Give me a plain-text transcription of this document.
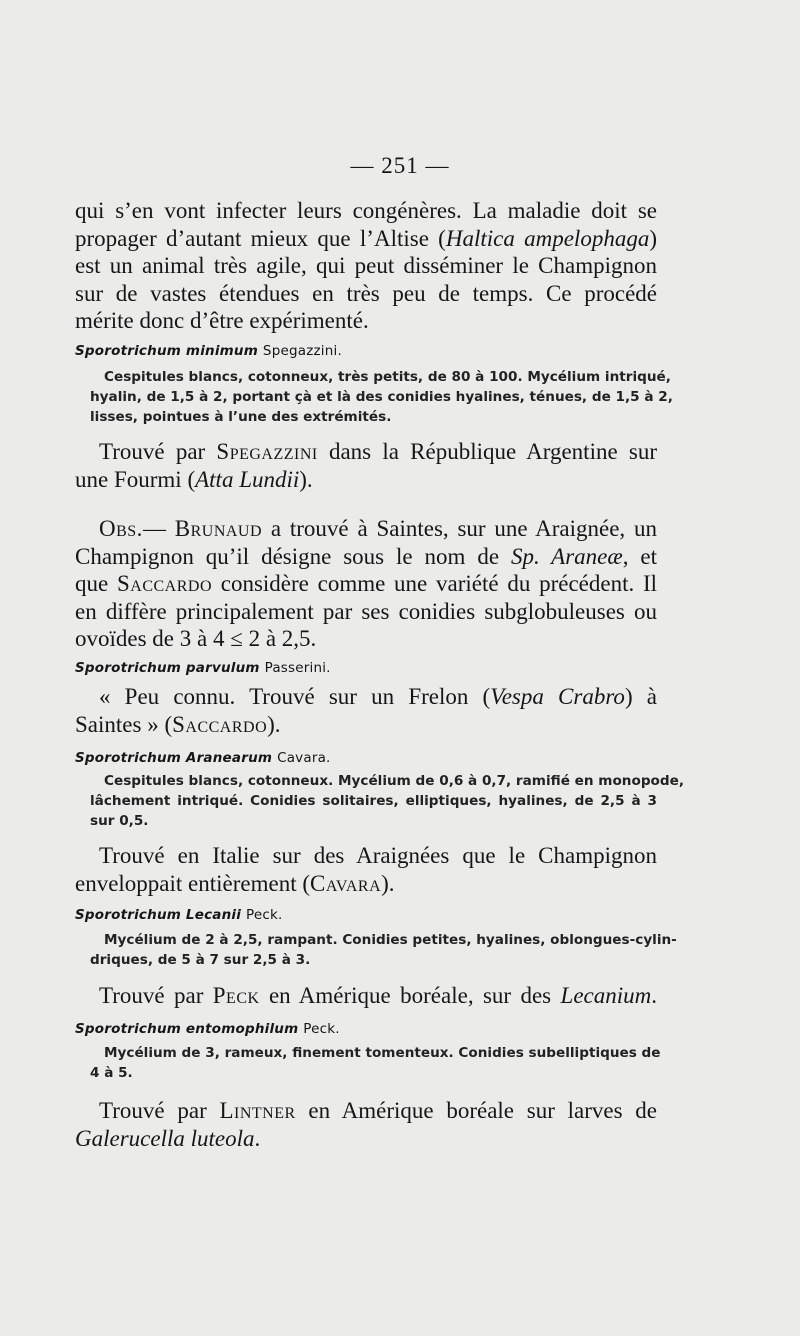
— 251 —
qui s’en vont infecter leurs congénères. La maladie doit se
propager d’autant mieux que l’Altise (Haltica ampelophaga)
est un animal très agile, qui peut disséminer le Champignon
sur de vastes étendues en très peu de temps. Ce procédé
mérite donc d’être expérimenté.
Sporotrichum minimum Spegazzini.
Cespitules blancs, cotonneux, très petits, de 80 à 100. Mycélium intriqué,
hyalin, de 1,5 à 2, portant çà et là des conidies hyalines, ténues, de 1,5 à 2,
lisses, pointues à l’une des extrémités.
Trouvé par Spegazzini dans la République Argentine sur
une Fourmi (Atta Lundii).
Obs.— Brunaud a trouvé à Saintes, sur une Araignée, un
Champignon qu’il désigne sous le nom de Sp. Araneæ, et
que Saccardo considère comme une variété du précédent. Il
en diffère principalement par ses conidies subglobuleuses ou
ovoïdes de 3 à 4 ≤ 2 à 2,5.
Sporotrichum parvulum Passerini.
« Peu connu. Trouvé sur un Frelon (Vespa Crabro) à
Saintes » (Saccardo).
Sporotrichum Aranearum Cavara.
Cespitules blancs, cotonneux. Mycélium de 0,6 à 0,7, ramifié en monopode,
lâchement intriqué. Conidies solitaires, elliptiques, hyalines, de 2,5 à 3
sur 0,5.
Trouvé en Italie sur des Araignées que le Champignon
enveloppait entièrement (Cavara).
Sporotrichum Lecanii Peck.
Mycélium de 2 à 2,5, rampant. Conidies petites, hyalines, oblongues-cylin-
driques, de 5 à 7 sur 2,5 à 3.
Trouvé par Peck en Amérique boréale, sur des Lecanium.
Sporotrichum entomophilum Peck.
Mycélium de 3, rameux, finement tomenteux. Conidies subelliptiques de
4 à 5.
Trouvé par Lintner en Amérique boréale sur larves de
Galerucella luteola.
